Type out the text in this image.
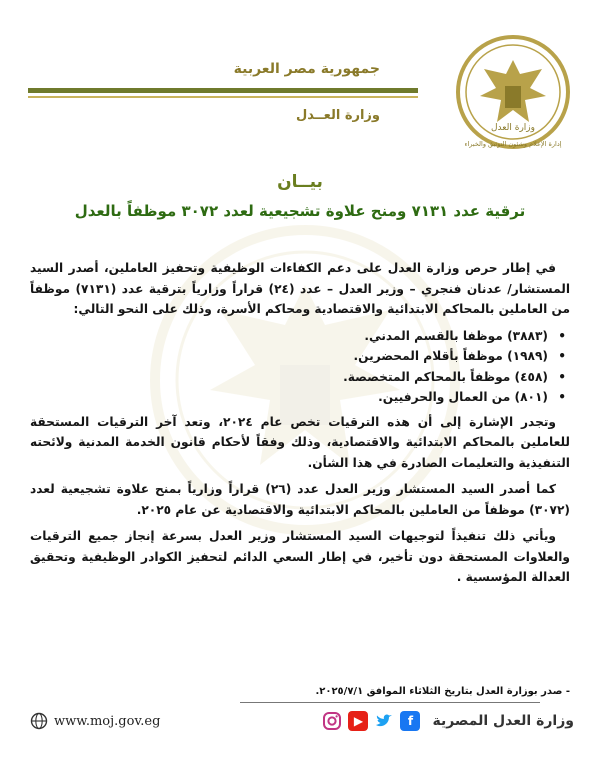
جمهورية مصر العربية
وزارة العــدل
وزارة العدل
إدارة الإعلام وشئون التوثيق والخبراء
بيــان
ترقية عدد ٧١٣١ ومنح علاوة تشجيعية لعدد ٣٠٧٢ موظفاً بالعدل

في إطار حرص وزارة العدل على دعم الكفاءات الوظيفية وتحفيز العاملين، أصدر السيد المستشار/ عدنان فنجري – وزير العدل – عدد (٢٤) قراراً وزارياً بترقية عدد (٧١٣١) موظفاً من العاملين بالمحاكم الابتدائية والاقتصادية ومحاكم الأسرة، وذلك على النحو التالي:

•
(٣٨٨٣) موظفا بالقسم المدني.
•
(١٩٨٩) موظفاً بأقلام المحضرين.
•
(٤٥٨) موظفاً بالمحاكم المتخصصة.
•
(٨٠١) من العمال والحرفيين.

وتجدر الإشارة إلى أن هذه الترقيات تخص عام ٢٠٢٤، وتعد آخر الترقيات المستحقة للعاملين بالمحاكم الابتدائية والاقتصادية، وذلك وفقاً لأحكام قانون الخدمة المدنية ولائحته التنفيذية والتعليمات الصادرة في هذا الشأن.

كما أصدر السيد المستشار وزير العدل عدد (٢٦) قراراً وزارياً بمنح علاوة تشجيعية لعدد (٣٠٧٢) موظفاً من العاملين بالمحاكم الابتدائية والاقتصادية عن عام ٢٠٢٥.

ويأتي ذلك تنفيذاً لتوجيهات السيد المستشار وزير العدل بسرعة إنجاز جميع الترقيات والعلاوات المستحقة دون تأخير، في إطار السعي الدائم لتحفيز الكوادر الوظيفية وتحقيق العدالة المؤسسية .

- صدر بوزارة العدل بتاريخ الثلاثاء الموافق ٢٠٢٥/٧/١.
www.moj.gov.eg	وزارة العدل المصرية
f
▶
